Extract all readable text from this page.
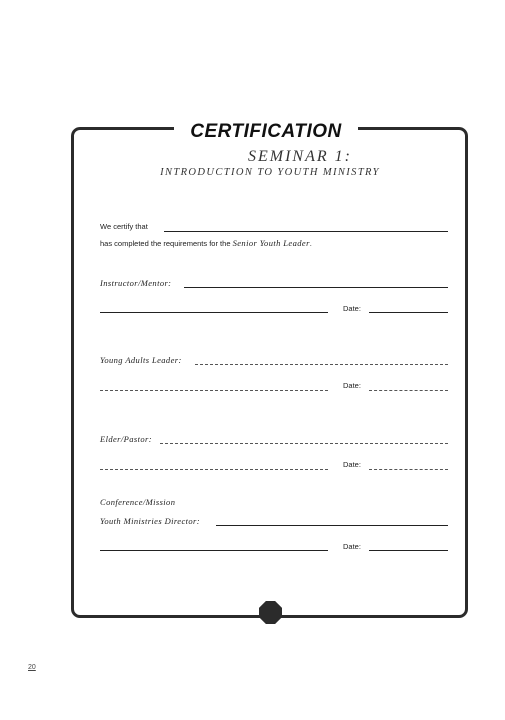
CERTIFICATION
SEMINAR 1:
INTRODUCTION TO YOUTH MINISTRY
We certify that
has completed the requirements for the Senior Youth Leader.
Instructor/Mentor:
Date:
Young Adults Leader:
Date:
Elder/Pastor:
Date:
Conference/Mission
Youth Ministries Director:
Date:
20
